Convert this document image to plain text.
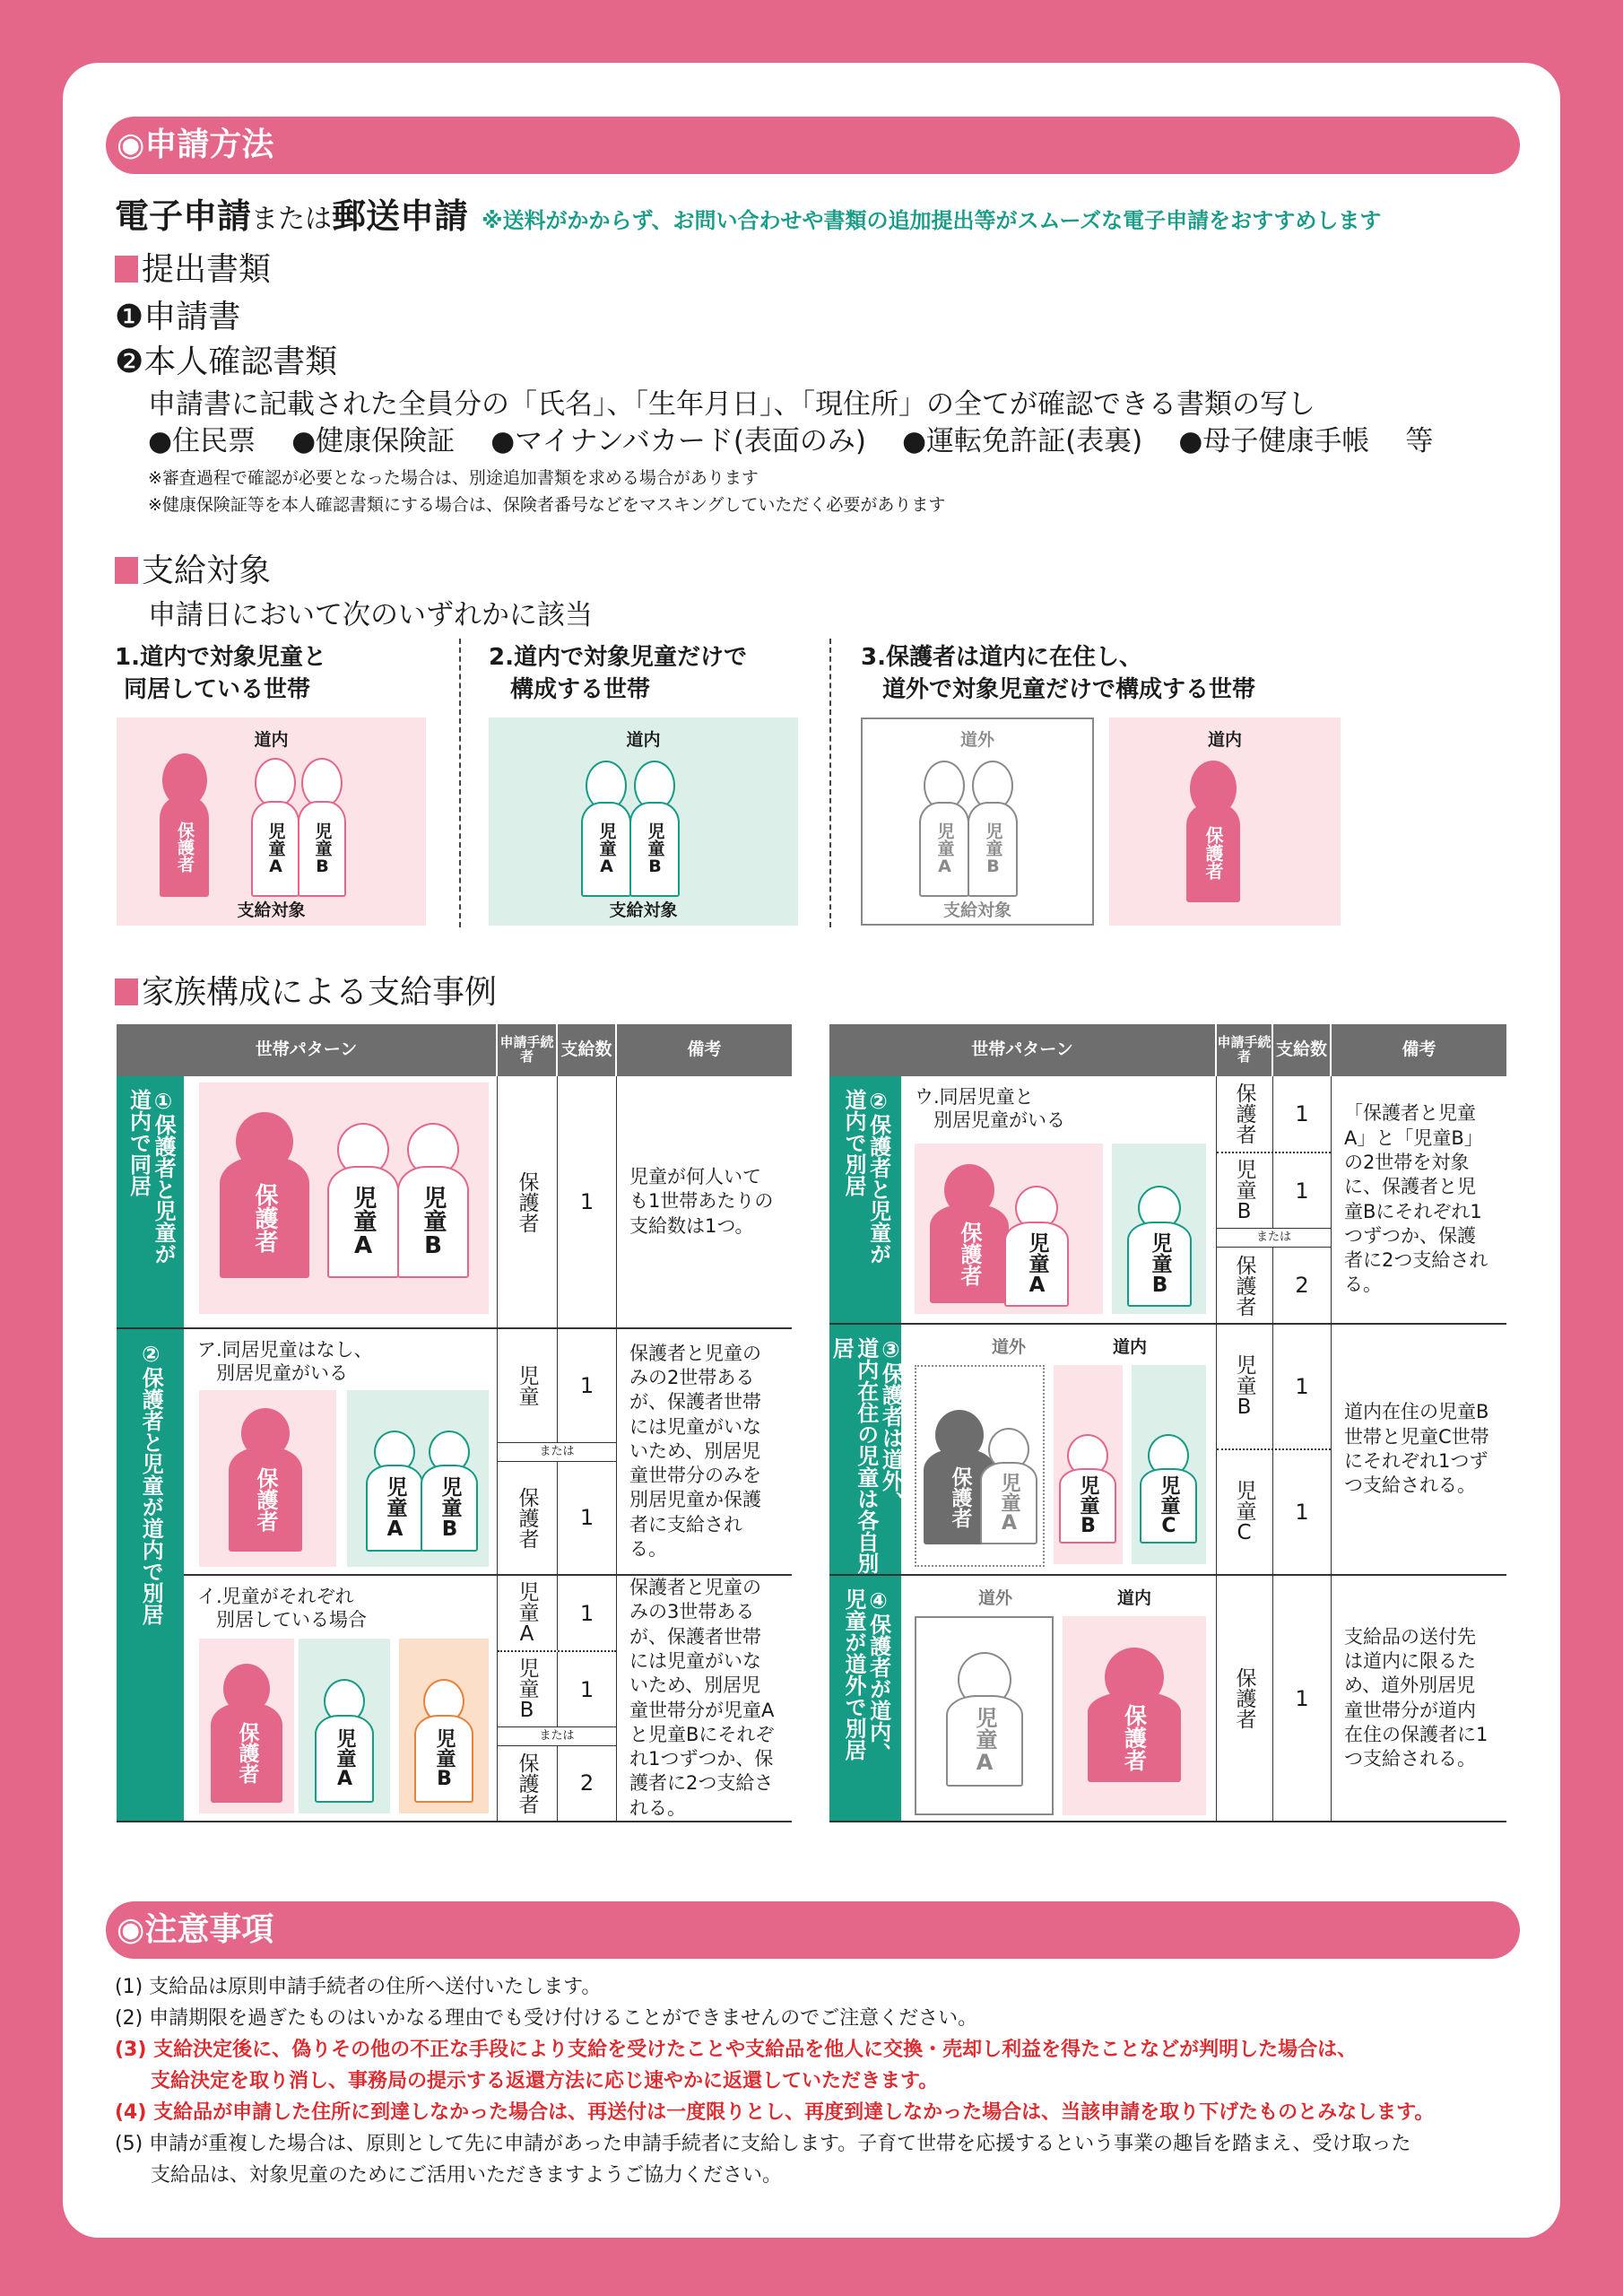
◉申請方法
電子申請または郵送申請 ※送料がかからず、お問い合わせや書類の追加提出等がスムーズな電子申請をおすすめします
提出書類
❶申請書
❷本人確認書類
申請書に記載された全員分の「氏名」、「生年月日」、「現住所」の全てが確認できる書類の写し
●住民票 ●健康保険証 ●マイナンバカード(表面のみ) ●運転免許証(表裏) ●母子健康手帳 等
※審査過程で確認が必要となった場合は、別途追加書類を求める場合があります
※健康保険証等を本人確認書類にする場合は、保険者番号などをマスキングしていただく必要があります
支給対象
申請日において次のいずれかに該当
1.道内で対象児童と
同居している世帯
2.道内で対象児童だけで
構成する世帯
3.保護者は道内に在住し、
道外で対象児童だけで構成する世帯
道内
保護者	児童A 児童B
支給対象
道内
児童A 児童B
支給対象
道外
児童A 児童B
支給対象
道内
保護者
家族構成による支給事例
世帯パターン	申請手続者	支給数	備考
①保護者と児童が
道内で同居
保護者	児童A 児童B	保護者	1
児童が何人いても1世帯あたりの支給数は1つ。
②保護者と児童が道内で別居 ア.同居児童はなし、
　別居児童がいる
保護者	児童A 児童B
児童	1
または
保護者	1
保護者と児童のみの2世帯あるが、保護者世帯には児童がいないため、別居児童世帯分のみを別居児童か保護者に支給される。
イ.児童がそれぞれ
　別居している場合
保護者	児童A	児童B
児童A	1
児童B	1
または
保護者	2
保護者と児童のみの3世帯あるが、保護者世帯には児童がいないため、別居児童世帯分が児童Aと児童Bにそれぞれ1つずつか、保護者に2つ支給される。
世帯パターン	申請手続者	支給数	備考
②保護者と児童が
道内で別居	ウ.同居児童と
　別居児童がいる
保護者 児童A	児童B
保護者	1
児童B	1
または
保護者	2
「保護者と児童A」と「児童B」の2世帯を対象に、保護者と児童Bにそれぞれ1つずつか、保護者に2つ支給される。
③保護者は道外、
道内在住の児童は各自別居	道外	道内
保護者 児童A	児童B	児童C
児童B	1
児童C	1
道内在住の児童B世帯と児童C世帯にそれぞれ1つずつ支給される。
④保護者が道内、
児童が道外で別居	道外	道内
児童A	保護者
保護者	1
支給品の送付先は道内に限るため、道外別居児童世帯分が道内在住の保護者に1つ支給される。
◉注意事項

(1) 支給品は原則申請手続者の住所へ送付いたします。

(2) 申請期限を過ぎたものはいかなる理由でも受け付けることができませんのでご注意ください。

(3) 支給決定後に、偽りその他の不正な手段により支給を受けたことや支給品を他人に交換・売却し利益を得たことなどが判明した場合は、

支給決定を取り消し、事務局の提示する返還方法に応じ速やかに返還していただきます。

(4) 支給品が申請した住所に到達しなかった場合は、再送付は一度限りとし、再度到達しなかった場合は、当該申請を取り下げたものとみなします。

(5) 申請が重複した場合は、原則として先に申請があった申請手続者に支給します。子育て世帯を応援するという事業の趣旨を踏まえ、受け取った

支給品は、対象児童のためにご活用いただきますようご協力ください。
